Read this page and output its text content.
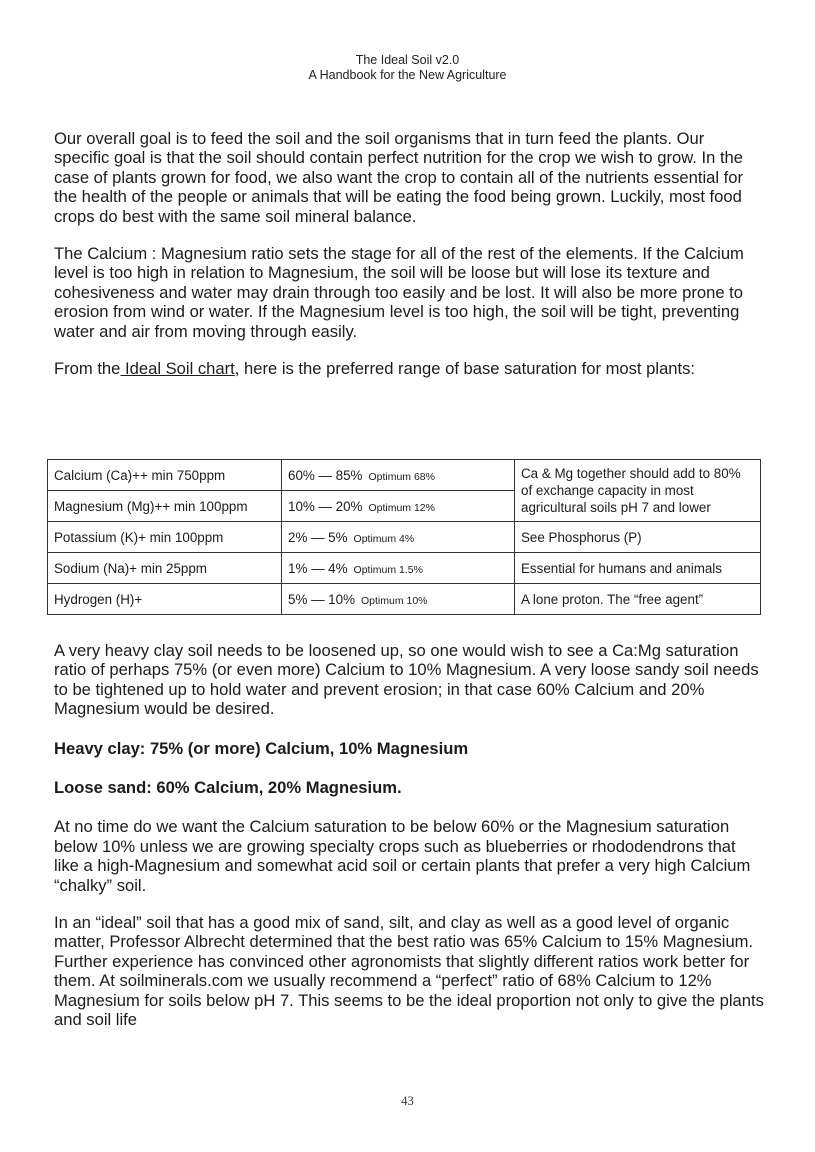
The Ideal Soil v2.0
A Handbook for the New Agriculture

Our overall goal is to feed the soil and the soil organisms that in turn feed the plants. Our specific goal is that the soil should contain perfect nutrition for the crop we wish to grow. In the case of plants grown for food, we also want the crop to contain all of the nutrients essential for the health of the people or animals that will be eating the food being grown. Luckily, most food crops do best with the same soil mineral balance.

The Calcium : Magnesium ratio sets the stage for all of the rest of the elements. If the Calcium level is too high in relation to Magnesium, the soil will be loose but will lose its texture and cohesiveness and water may drain through too easily and be lost. It will also be more prone to erosion from wind or water. If the Magnesium level is too high, the soil will be tight, preventing water and air from moving through easily.

From the Ideal Soil chart, here is the preferred range of base saturation for most plants:

Calcium (Ca)++ min 750ppm	60% — 85% Optimum 68%	Ca & Mg together should add to 80% of exchange capacity in most agricultural soils pH 7 and lower
Magnesium (Mg)++ min 100ppm	10% — 20% Optimum 12%	
Potassium (K)+ min 100ppm	2% — 5% Optimum 4%	See Phosphorus (P)
Sodium (Na)+ min 25ppm	1% — 4% Optimum 1.5%	Essential for humans and animals
Hydrogen (H)+	5% — 10% Optimum 10%	A lone proton. The “free agent”

A very heavy clay soil needs to be loosened up, so one would wish to see a Ca:Mg saturation ratio of perhaps 75% (or even more) Calcium to 10% Magnesium. A very loose sandy soil needs to be tightened up to hold water and prevent erosion; in that case 60% Calcium and 20% Magnesium would be desired.

Heavy clay: 75% (or more) Calcium, 10% Magnesium

Loose sand: 60% Calcium, 20% Magnesium.

At no time do we want the Calcium saturation to be below 60% or the Magnesium saturation below 10% unless we are growing specialty crops such as blueberries or rhododendrons that like a high-Magnesium and somewhat acid soil or certain plants that prefer a very high Calcium “chalky” soil.

In an “ideal” soil that has a good mix of sand, silt, and clay as well as a good level of organic matter, Professor Albrecht determined that the best ratio was 65% Calcium to 15% Magnesium. Further experience has convinced other agronomists that slightly different ratios work better for them. At soilminerals.com we usually recommend a “perfect” ratio of 68% Calcium to 12% Magnesium for soils below pH 7. This seems to be the ideal proportion not only to give the plants and soil life

43
